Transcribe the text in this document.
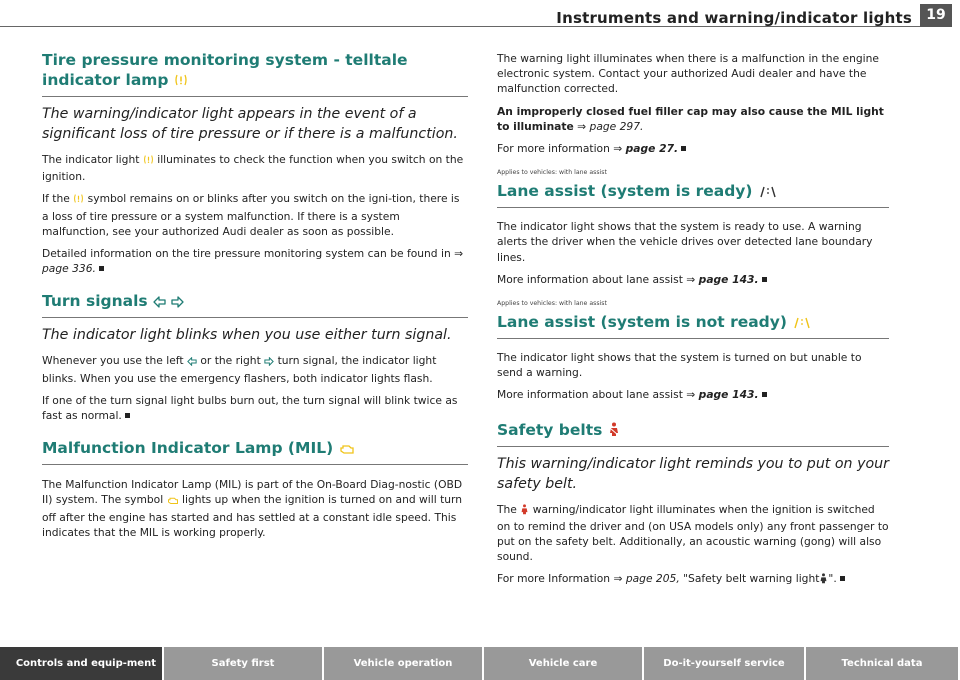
Instruments and warning/indicator lights	19
Tire pressure monitoring system - telltale indicator lamp
The warning/indicator light appears in the event of a significant loss of tire pressure or if there is a malfunction.

The indicator light illuminates to check the function when you switch on the ignition.

If the symbol remains on or blinks after you switch on the igni-tion, there is a loss of tire pressure or a system malfunction. If there is a system malfunction, see your authorized Audi dealer as soon as possible.

Detailed information on the tire pressure monitoring system can be found in ⇒ page 336.

Turn signals
The indicator light blinks when you use either turn signal.

Whenever you use the left or the right turn signal, the indicator light blinks. When you use the emergency flashers, both indicator lights flash.

If one of the turn signal light bulbs burn out, the turn signal will blink twice as fast as normal.

Malfunction Indicator Lamp (MIL)

The Malfunction Indicator Lamp (MIL) is part of the On-Board Diag-nostic (OBD II) system. The symbol lights up when the ignition is turned on and will turn off after the engine has started and has settled at a constant idle speed. This indicates that the MIL is working properly.

The warning light illuminates when there is a malfunction in the engine electronic system. Contact your authorized Audi dealer and have the malfunction corrected.

An improperly closed fuel filler cap may also cause the MIL light to illuminate ⇒ page 297.

For more information ⇒ page 27.

Applies to vehicles: with lane assist
Lane assist (system is ready)

The indicator light shows that the system is ready to use. A warning alerts the driver when the vehicle drives over detected lane boundary lines.

More information about lane assist ⇒ page 143.

Applies to vehicles: with lane assist
Lane assist (system is not ready)

The indicator light shows that the system is turned on but unable to send a warning.

More information about lane assist ⇒ page 143.

Safety belts
This warning/indicator light reminds you to put on your safety belt.

The warning/indicator light illuminates when the ignition is switched on to remind the driver and (on USA models only) any front passenger to put on the safety belt. Additionally, an acoustic warning (gong) will also sound.

For more Information ⇒ page 205, "Safety belt warning light ".

Controls and equip-ment	Safety first	Vehicle operation	Vehicle care	Do-it-yourself service	Technical data
